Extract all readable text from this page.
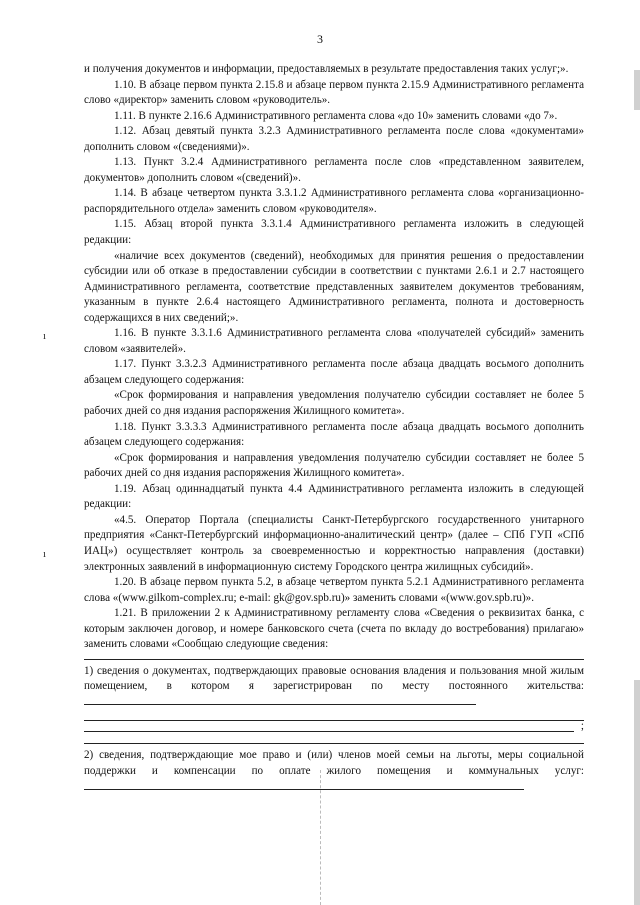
3

и получения документов и информации, предоставляемых в результате предоставления таких услуг;».

1.10. В абзаце первом пункта 2.15.8 и абзаце первом пункта 2.15.9 Административного регламента слово «директор» заменить словом «руководитель».

1.11. В пункте 2.16.6 Административного регламента слова «до 10» заменить словами «до 7».

1.12. Абзац девятый пункта 3.2.3 Административного регламента после слова «документами» дополнить словом «(сведениями)».

1.13. Пункт 3.2.4 Административного регламента после слов «представленном заявителем, документов» дополнить словом «(сведений)».

1.14. В абзаце четвертом пункта 3.3.1.2 Административного регламента слова «организационно-распорядительного отдела» заменить словом «руководителя».

1.15. Абзац второй пункта 3.3.1.4 Административного регламента изложить в следующей редакции:

«наличие всех документов (сведений), необходимых для принятия решения о предоставлении субсидии или об отказе в предоставлении субсидии в соответствии с пунктами 2.6.1 и 2.7 настоящего Административного регламента, соответствие представленных заявителем документов требованиям, указанным в пункте 2.6.4 настоящего Административного регламента, полнота и достоверность содержащихся в них сведений;».

1.16. В пункте 3.3.1.6 Административного регламента слова «получателей субсидий» заменить словом «заявителей».

1.17. Пункт 3.3.2.3 Административного регламента после абзаца двадцать восьмого дополнить абзацем следующего содержания:

«Срок формирования и направления уведомления получателю субсидии составляет не более 5 рабочих дней со дня издания распоряжения Жилищного комитета».

1.18. Пункт 3.3.3.3 Административного регламента после абзаца двадцать восьмого дополнить абзацем следующего содержания:

«Срок формирования и направления уведомления получателю субсидии составляет не более 5 рабочих дней со дня издания распоряжения Жилищного комитета».

1.19. Абзац одиннадцатый пункта 4.4 Административного регламента изложить в следующей редакции:

«4.5. Оператор Портала (специалисты Санкт-Петербургского государственного унитарного предприятия «Санкт-Петербургский информационно-аналитический центр» (далее – СПб ГУП «СПб ИАЦ») осуществляет контроль за своевременностью и корректностью направления (доставки) электронных заявлений в информационную систему Городского центра жилищных субсидий».

1.20. В абзаце первом пункта 5.2, в абзаце четвертом пункта 5.2.1 Административного регламента слова «(www.gilkom-complex.ru; e-mail: gk@gov.spb.ru)» заменить словами «(www.gov.spb.ru)».

1.21. В приложении 2 к Административному регламенту слова «Сведения о реквизитах банка, с которым заключен договор, и номере банковского счета (счета по вкладу до востребования) прилагаю» заменить словами «Сообщаю следующие сведения:

1) сведения о документах, подтверждающих правовые основания владения и пользования мной жилым помещением, в котором я зарегистрирован по месту постоянного жительства:

;

2) сведения, подтверждающие мое право и (или) членов моей семьи на льготы, меры социальной поддержки и компенсации по оплате жилого помещения и коммунальных услуг:

ı
ı
